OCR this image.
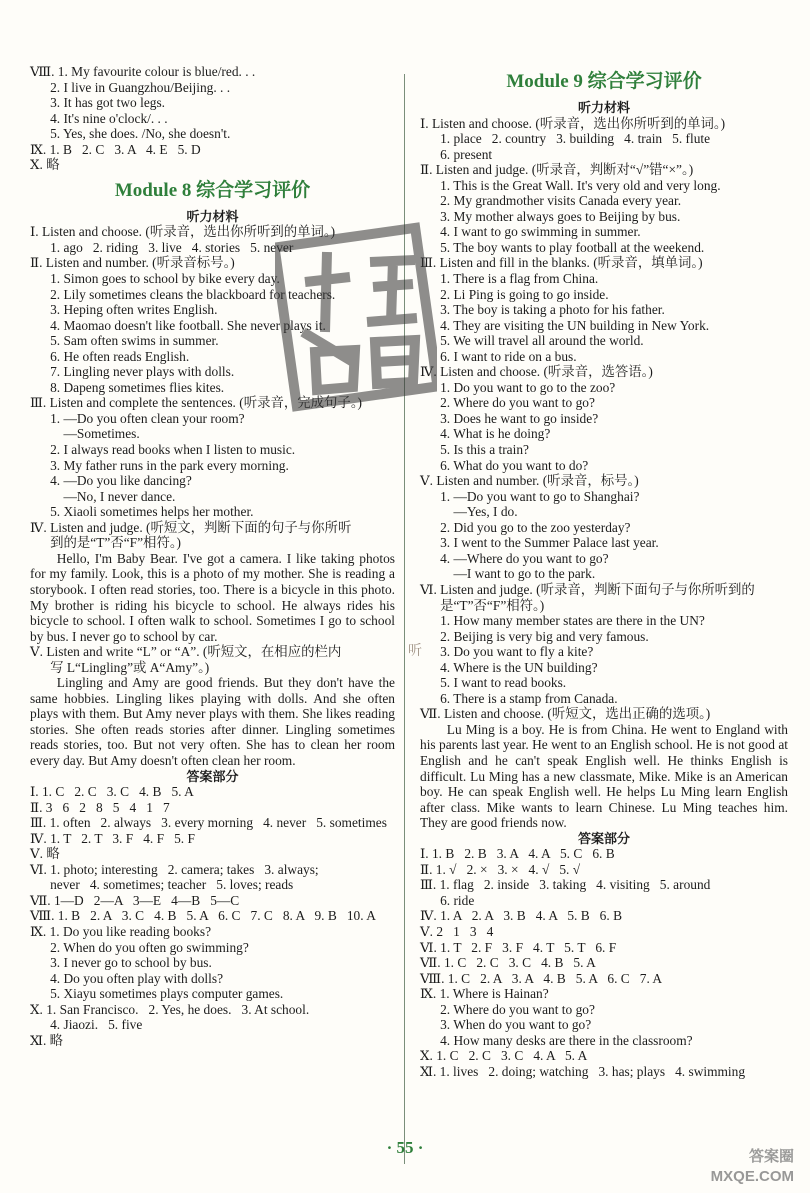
Ⅷ. 1. My favourite colour is blue/red. . .
2. I live in Guangzhou/Beijing. . .
3. It has got two legs.
4. It's nine o'clock/. . .
5. Yes, she does. /No, she doesn't.
Ⅸ. 1. B   2. C   3. A   4. E   5. D
Ⅹ. 略
Module 8 综合学习评价
听力材料
Ⅰ. Listen and choose. (听录音，选出你所听到的单词。)
1. ago   2. riding   3. live   4. stories   5. never
Ⅱ. Listen and number. (听录音标号。)
1. Simon goes to school by bike every day.
2. Lily sometimes cleans the blackboard for teachers.
3. Heping often writes English.
4. Maomao doesn't like football. She never plays it.
5. Sam often swims in summer.
6. He often reads English.
7. Lingling never plays with dolls.
8. Dapeng sometimes flies kites.
Ⅲ. Listen and complete the sentences. (听录音，完成句子。)
1. —Do you often clean your room?
—Sometimes.
2. I always read books when I listen to music.
3. My father runs in the park every morning.
4. —Do you like dancing?
—No, I never dance.
5. Xiaoli sometimes helps her mother.
Ⅳ. Listen and judge. (听短文，判断下面的句子与你所听
到的是“T”否“F”相符。)
Hello, I'm Baby Bear. I've got a camera. I like taking photos for my family. Look, this is a photo of my mother. She is reading a storybook. I often read stories, too. There is a bicycle in this photo. My brother is riding his bicycle to school. He always rides his bicycle to school. I often walk to school. Sometimes I go to school by bus. I never go to school by car.
Ⅴ. Listen and write “L” or “A”. (听短文，在相应的栏内
写 L“Lingling”或 A“Amy”。)
Lingling and Amy are good friends. But they don't have the same hobbies. Lingling likes playing with dolls. And she often plays with them. But Amy never plays with them. She likes reading stories. She often reads stories after dinner. Lingling sometimes reads stories, too. But not very often. She has to clean her room every day. But Amy doesn't often clean her room.
答案部分
Ⅰ. 1. C   2. C   3. C   4. B   5. A
Ⅱ. 3   6   2   8   5   4   1   7
Ⅲ. 1. often   2. always   3. every morning   4. never   5. sometimes
Ⅳ. 1. T   2. T   3. F   4. F   5. F
Ⅴ. 略
Ⅵ. 1. photo; interesting   2. camera; takes   3. always;
never   4. sometimes; teacher   5. loves; reads
Ⅶ. 1—D   2—A   3—E   4—B   5—C
Ⅷ. 1. B   2. A   3. C   4. B   5. A   6. C   7. C   8. A   9. B   10. A
Ⅸ. 1. Do you like reading books?
2. When do you often go swimming?
3. I never go to school by bus.
4. Do you often play with dolls?
5. Xiayu sometimes plays computer games.
Ⅹ. 1. San Francisco.   2. Yes, he does.   3. At school.
4. Jiaozi.   5. five
Ⅺ. 略
Module 9 综合学习评价
听力材料
Ⅰ. Listen and choose. (听录音，选出你所听到的单词。)
1. place   2. country   3. building   4. train   5. flute
6. present
Ⅱ. Listen and judge. (听录音，判断对“√”错“×”。)
1. This is the Great Wall. It's very old and very long.
2. My grandmother visits Canada every year.
3. My mother always goes to Beijing by bus.
4. I want to go swimming in summer.
5. The boy wants to play football at the weekend.
Ⅲ. Listen and fill in the blanks. (听录音，填单词。)
1. There is a flag from China.
2. Li Ping is going to go inside.
3. The boy is taking a photo for his father.
4. They are visiting the UN building in New York.
5. We will travel all around the world.
6. I want to ride on a bus.
Ⅳ. Listen and choose. (听录音，选答语。)
1. Do you want to go to the zoo?
2. Where do you want to go?
3. Does he want to go inside?
4. What is he doing?
5. Is this a train?
6. What do you want to do?
Ⅴ. Listen and number. (听录音，标号。)
1. —Do you want to go to Shanghai?
—Yes, I do.
2. Did you go to the zoo yesterday?
3. I went to the Summer Palace last year.
4. —Where do you want to go?
—I want to go to the park.
Ⅵ. Listen and judge. (听录音，判断下面句子与你所听到的
是“T”否“F”相符。)
1. How many member states are there in the UN?
2. Beijing is very big and very famous.
3. Do you want to fly a kite?
4. Where is the UN building?
5. I want to read books.
6. There is a stamp from Canada.
Ⅶ. Listen and choose. (听短文，选出正确的选项。)
Lu Ming is a boy. He is from China. He went to England with his parents last year. He went to an English school. He is not good at English and he can't speak English well. He thinks English is difficult. Lu Ming has a new classmate, Mike. Mike is an American boy. He can speak English well. He helps Lu Ming learn English after class. Mike wants to learn Chinese. Lu Ming teaches him. They are good friends now.
答案部分
Ⅰ. 1. B   2. B   3. A   4. A   5. C   6. B
Ⅱ. 1. √   2. ×   3. ×   4. √   5. √
Ⅲ. 1. flag   2. inside   3. taking   4. visiting   5. around
6. ride
Ⅳ. 1. A   2. A   3. B   4. A   5. B   6. B
Ⅴ. 2   1   3   4
Ⅵ. 1. T   2. F   3. F   4. T   5. T   6. F
Ⅶ. 1. C   2. C   3. C   4. B   5. A
Ⅷ. 1. C   2. A   3. A   4. B   5. A   6. C   7. A
Ⅸ. 1. Where is Hainan?
2. Where do you want to go?
3. When do you want to go?
4. How many desks are there in the classroom?
Ⅹ. 1. C   2. C   3. C   4. A   5. A
Ⅺ. 1. lives   2. doing; watching   3. has; plays   4. swimming
听
· 55 ·	答案圈
MXQE.COM
